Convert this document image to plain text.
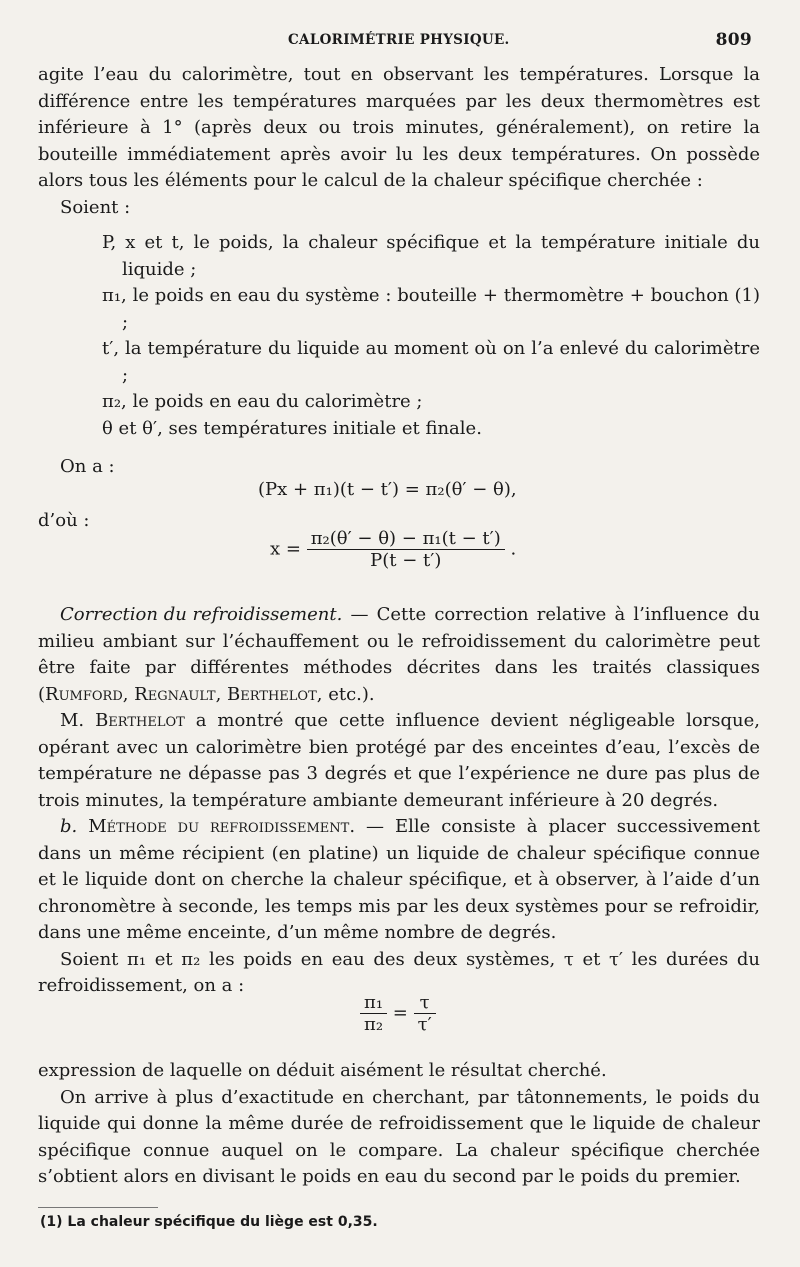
CALORIMÉTRIE PHYSIQUE.	809

agite l’eau du calorimètre, tout en observant les températures. Lorsque la différence entre les températures marquées par les deux thermomètres est inférieure à 1° (après deux ou trois minutes, généralement), on retire la bouteille immédiatement après avoir lu les deux températures. On possède alors tous les éléments pour le calcul de la chaleur spécifique cherchée :

Soient :

P, x et t, le poids, la chaleur spécifique et la température initiale du liquide ;

π₁, le poids en eau du système : bouteille + thermomètre + bouchon (1) ;

t′, la température du liquide au moment où on l’a enlevé du calorimètre ;

π₂, le poids en eau du calorimètre ;

θ et θ′, ses températures initiale et finale.

On a :
(Px + π₁)(t − t′) = π₂(θ′ − θ),
d’où :
$x = \frac{\text{π₂(θ′ − θ) − π₁(t − t′)}}{P(t - t')}$ .

Correction du refroidissement. — Cette correction relative à l’influence du milieu ambiant sur l’échauffement ou le refroidissement du calorimètre peut être faite par différentes méthodes décrites dans les traités classiques (Rumford, Regnault, Berthelot, etc.).

M. Berthelot a montré que cette influence devient négligeable lorsque, opérant avec un calorimètre bien protégé par des enceintes d’eau, l’excès de température ne dépasse pas 3 degrés et que l’expérience ne dure pas plus de trois minutes, la température ambiante demeurant inférieure à 20 degrés.

b. Méthode du refroidissement. — Elle consiste à placer successivement dans un même récipient (en platine) un liquide de chaleur spécifique connue et le liquide dont on cherche la chaleur spécifique, et à observer, à l’aide d’un chronomètre à seconde, les temps mis par les deux systèmes pour se refroidir, dans une même enceinte, d’un même nombre de degrés.

Soient π₁ et π₂ les poids en eau des deux systèmes, τ et τ′ les durées du refroidissement, on a :

$\frac{\text{π₁}}{\text{π₂}} = \frac{\tau}{\tau'}$

expression de laquelle on déduit aisément le résultat cherché.

On arrive à plus d’exactitude en cherchant, par tâtonnements, le poids du liquide qui donne la même durée de refroidissement que le liquide de chaleur spécifique connue auquel on le compare. La chaleur spécifique cherchée s’obtient alors en divisant le poids en eau du second par le poids du premier.

(1) La chaleur spécifique du liège est 0,35.
